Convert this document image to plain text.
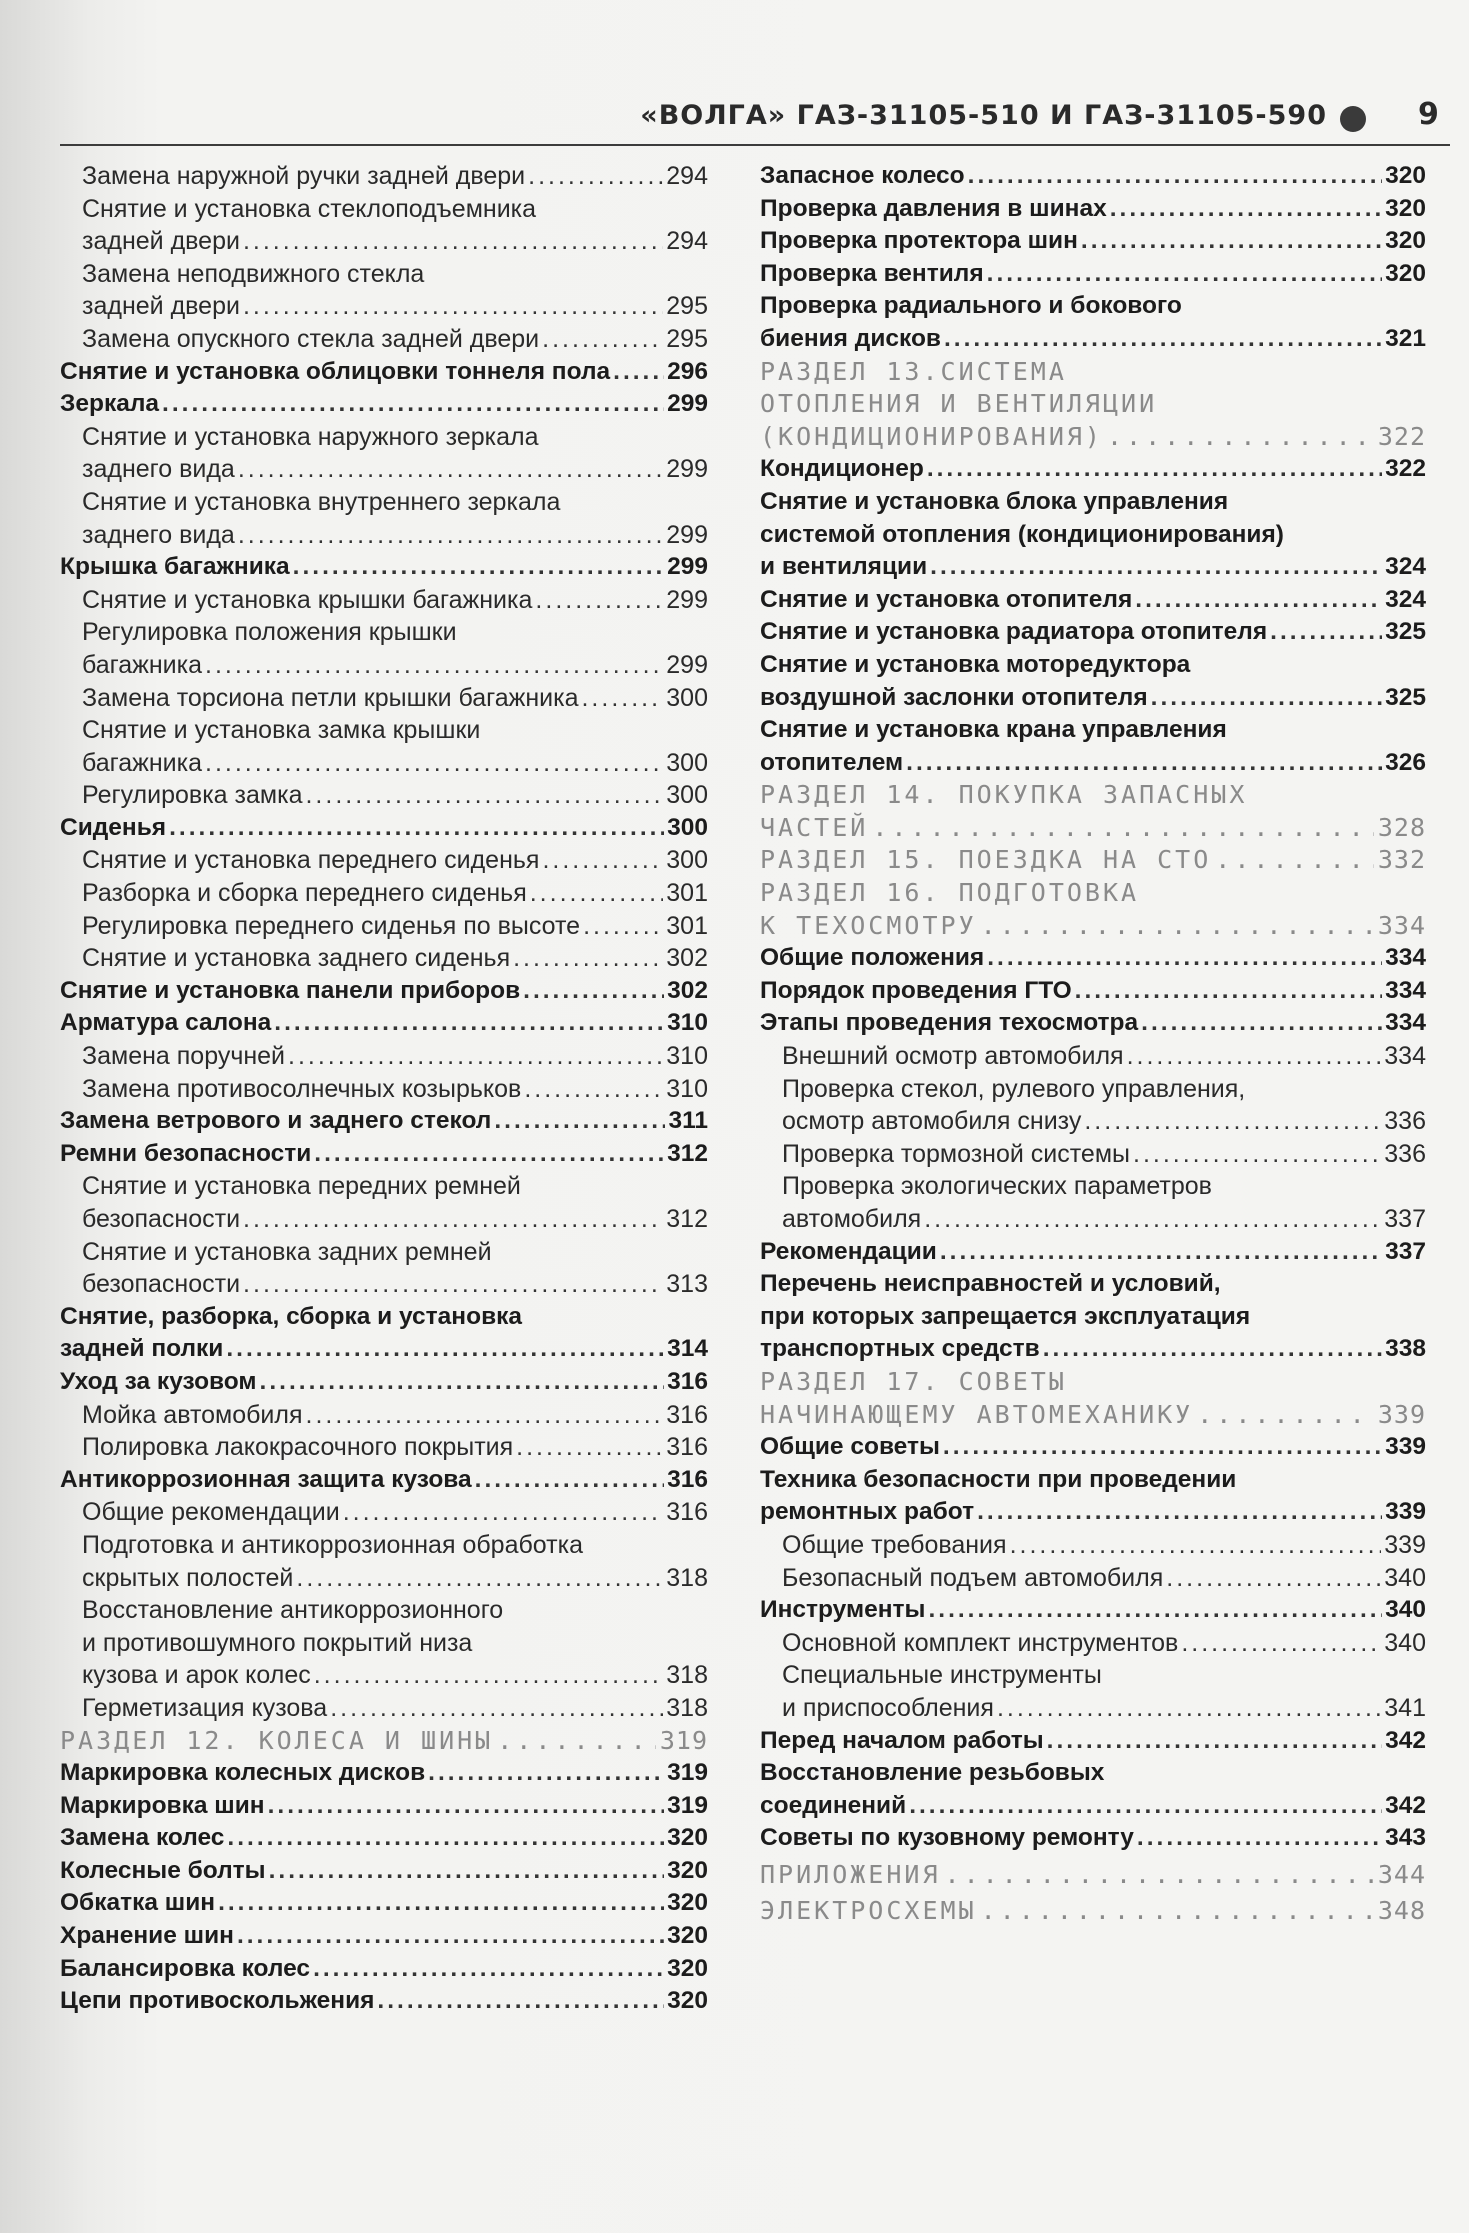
«ВОЛГА» ГАЗ-31105-510 И ГАЗ-31105-590	9
Замена наружной ручки задней двери .....	294
Снятие и установка стеклоподъемника
задней двери .....	294
Замена неподвижного стекла
задней двери .....	295
Замена опускного стекла задней двери .....	295
Снятие и установка облицовки тоннеля пола ..... 296
Зеркала .....	299
Снятие и установка наружного зеркала
заднего вида .....	299
Снятие и установка внутреннего зеркала
заднего вида .....	299
Крышка багажника .....	299
Снятие и установка крышки багажника .....	299
Регулировка положения крышки
багажника .....	299
Замена торсиона петли крышки багажника .....	300
Снятие и установка замка крышки
багажника .....	300
Регулировка замка .....	300
Сиденья .....	300
Снятие и установка переднего сиденья .....	300
Разборка и сборка переднего сиденья .....	301
Регулировка переднего сиденья по высоте .....	301
Снятие и установка заднего сиденья .....	302
Снятие и установка панели приборов .....	302
Арматура салона .....	310
Замена поручней .....	310
Замена противосолнечных козырьков .....	310
Замена ветрового и заднего стекол .....	311
Ремни безопасности .....	312
Снятие и установка передних ремней
безопасности .....	312
Снятие и установка задних ремней
безопасности .....	313
Снятие, разборка, сборка и установка
задней полки .....	314
Уход за кузовом .....	316
Мойка автомобиля .....	316
Полировка лакокрасочного покрытия .....	316
Антикоррозионная защита кузова .....	316
Общие рекомендации .....	316
Подготовка и антикоррозионная обработка
скрытых полостей .....	318
Восстановление антикоррозионного
и противошумного покрытий низа
кузова и арок колес .....	318
Герметизация кузова .....	318
РАЗДЕЛ 12. КОЛЕСА И ШИНЫ .....	319
Маркировка колесных дисков .....	319
Маркировка шин .....	319
Замена колес .....	320
Колесные болты .....	320
Обкатка шин .....	320
Хранение шин .....	320
Балансировка колес .....	320
Цепи противоскольжения .....	320
Запасное колесо .....	320
Проверка давления в шинах .....	320
Проверка протектора шин .....	320
Проверка вентиля .....	320
Проверка радиального и бокового
биения дисков .....	321
РАЗДЕЛ 13.СИСТЕМА
ОТОПЛЕНИЯ И ВЕНТИЛЯЦИИ
(КОНДИЦИОНИРОВАНИЯ) .....	322
Кондиционер .....	322
Снятие и установка блока управления
системой отопления (кондиционирования)
и вентиляции .....	324
Снятие и установка отопителя .....	324
Снятие и установка радиатора отопителя .....	325
Снятие и установка моторедуктора
воздушной заслонки отопителя .....	325
Снятие и установка крана управления
отопителем .....	326
РАЗДЕЛ 14. ПОКУПКА ЗАПАСНЫХ
ЧАСТЕЙ .....	328
РАЗДЕЛ 15. ПОЕЗДКА НА СТО .....	332
РАЗДЕЛ 16. ПОДГОТОВКА
К ТЕХОСМОТРУ .....	334
Общие положения .....	334
Порядок проведения ГТО .....	334
Этапы проведения техосмотра .....	334
Внешний осмотр автомобиля .....	334
Проверка стекол, рулевого управления,
осмотр автомобиля снизу .....	336
Проверка тормозной системы .....	336
Проверка экологических параметров
автомобиля .....	337
Рекомендации .....	337
Перечень неисправностей и условий,
при которых запрещается эксплуатация
транспортных средств .....	338
РАЗДЕЛ 17. СОВЕТЫ
НАЧИНАЮЩЕМУ АВТОМЕХАНИКУ .....	339
Общие советы .....	339
Техника безопасности при проведении
ремонтных работ .....	339
Общие требования .....	339
Безопасный подъем автомобиля .....	340
Инструменты .....	340
Основной комплект инструментов .....	340
Специальные инструменты
и приспособления .....	341
Перед началом работы .....	342
Восстановление резьбовых
соединений .....	342
Советы по кузовному ремонту .....	343
ПРИЛОЖЕНИЯ .....	344
ЭЛЕКТРОСХЕМЫ .....	348
